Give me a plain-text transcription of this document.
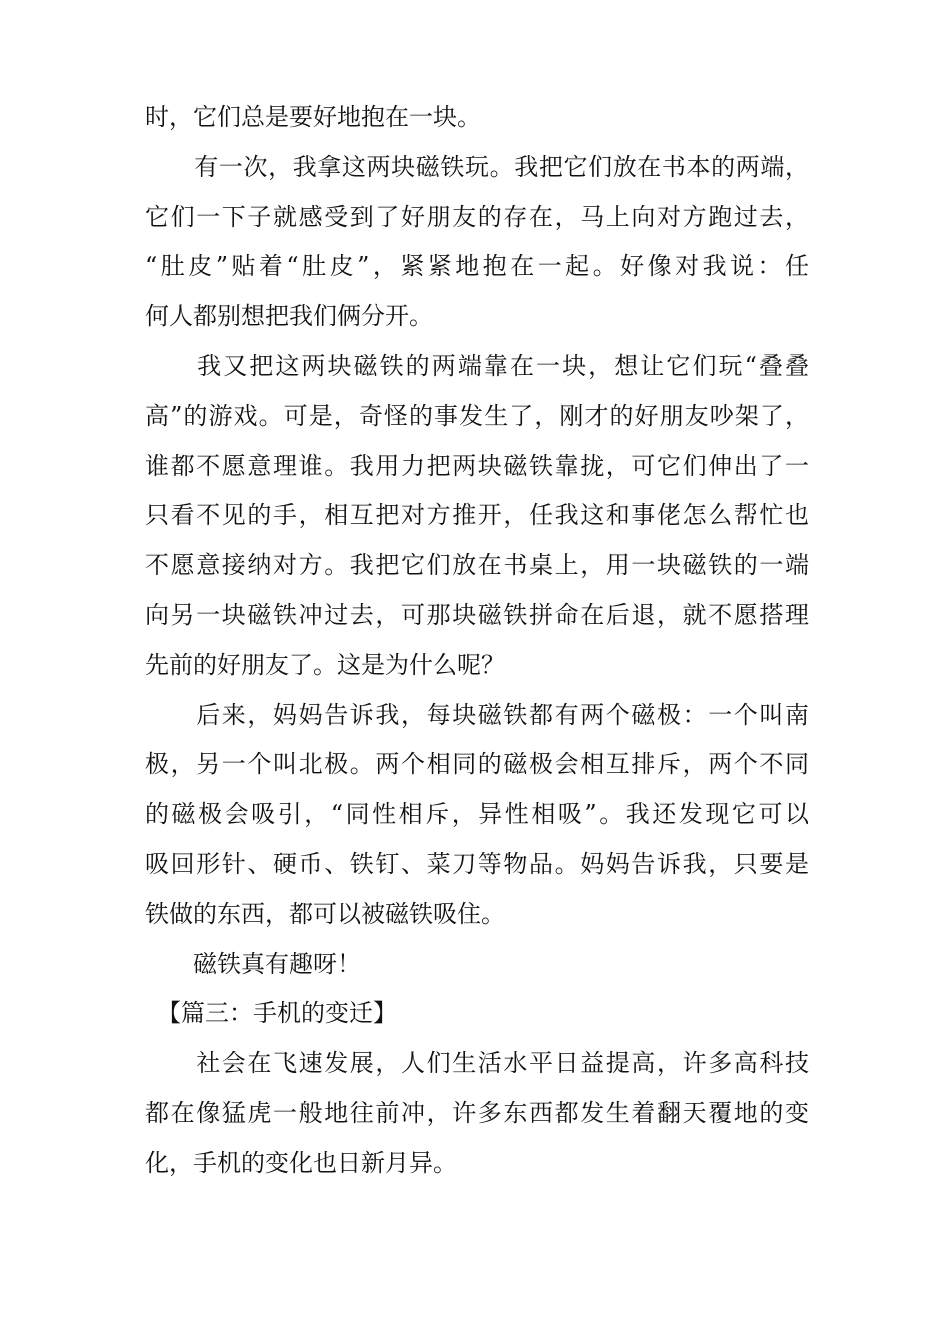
时，它们总是要好地抱在一块。
　　有一次，我拿这两块磁铁玩。我把它们放在书本的两端，
它们一下子就感受到了好朋友的存在，马上向对方跑过去，
“肚皮”贴着“肚皮”，紧紧地抱在一起。好像对我说：任
何人都别想把我们俩分开。
　　我又把这两块磁铁的两端靠在一块，想让它们玩“叠叠
高”的游戏。可是，奇怪的事发生了，刚才的好朋友吵架了，
谁都不愿意理谁。我用力把两块磁铁靠拢，可它们伸出了一
只看不见的手，相互把对方推开，任我这和事佬怎么帮忙也
不愿意接纳对方。我把它们放在书桌上，用一块磁铁的一端
向另一块磁铁冲过去，可那块磁铁拼命在后退，就不愿搭理
先前的好朋友了。这是为什么呢？
　　后来，妈妈告诉我，每块磁铁都有两个磁极：一个叫南
极，另一个叫北极。两个相同的磁极会相互排斥，两个不同
的磁极会吸引，“同性相斥，异性相吸”。我还发现它可以
吸回形针、硬币、铁钉、菜刀等物品。妈妈告诉我，只要是
铁做的东西，都可以被磁铁吸住。
　　磁铁真有趣呀！
　【篇三：手机的变迁】
　　社会在飞速发展，人们生活水平日益提高，许多高科技
都在像猛虎一般地往前冲，许多东西都发生着翻天覆地的变
化，手机的变化也日新月异。
